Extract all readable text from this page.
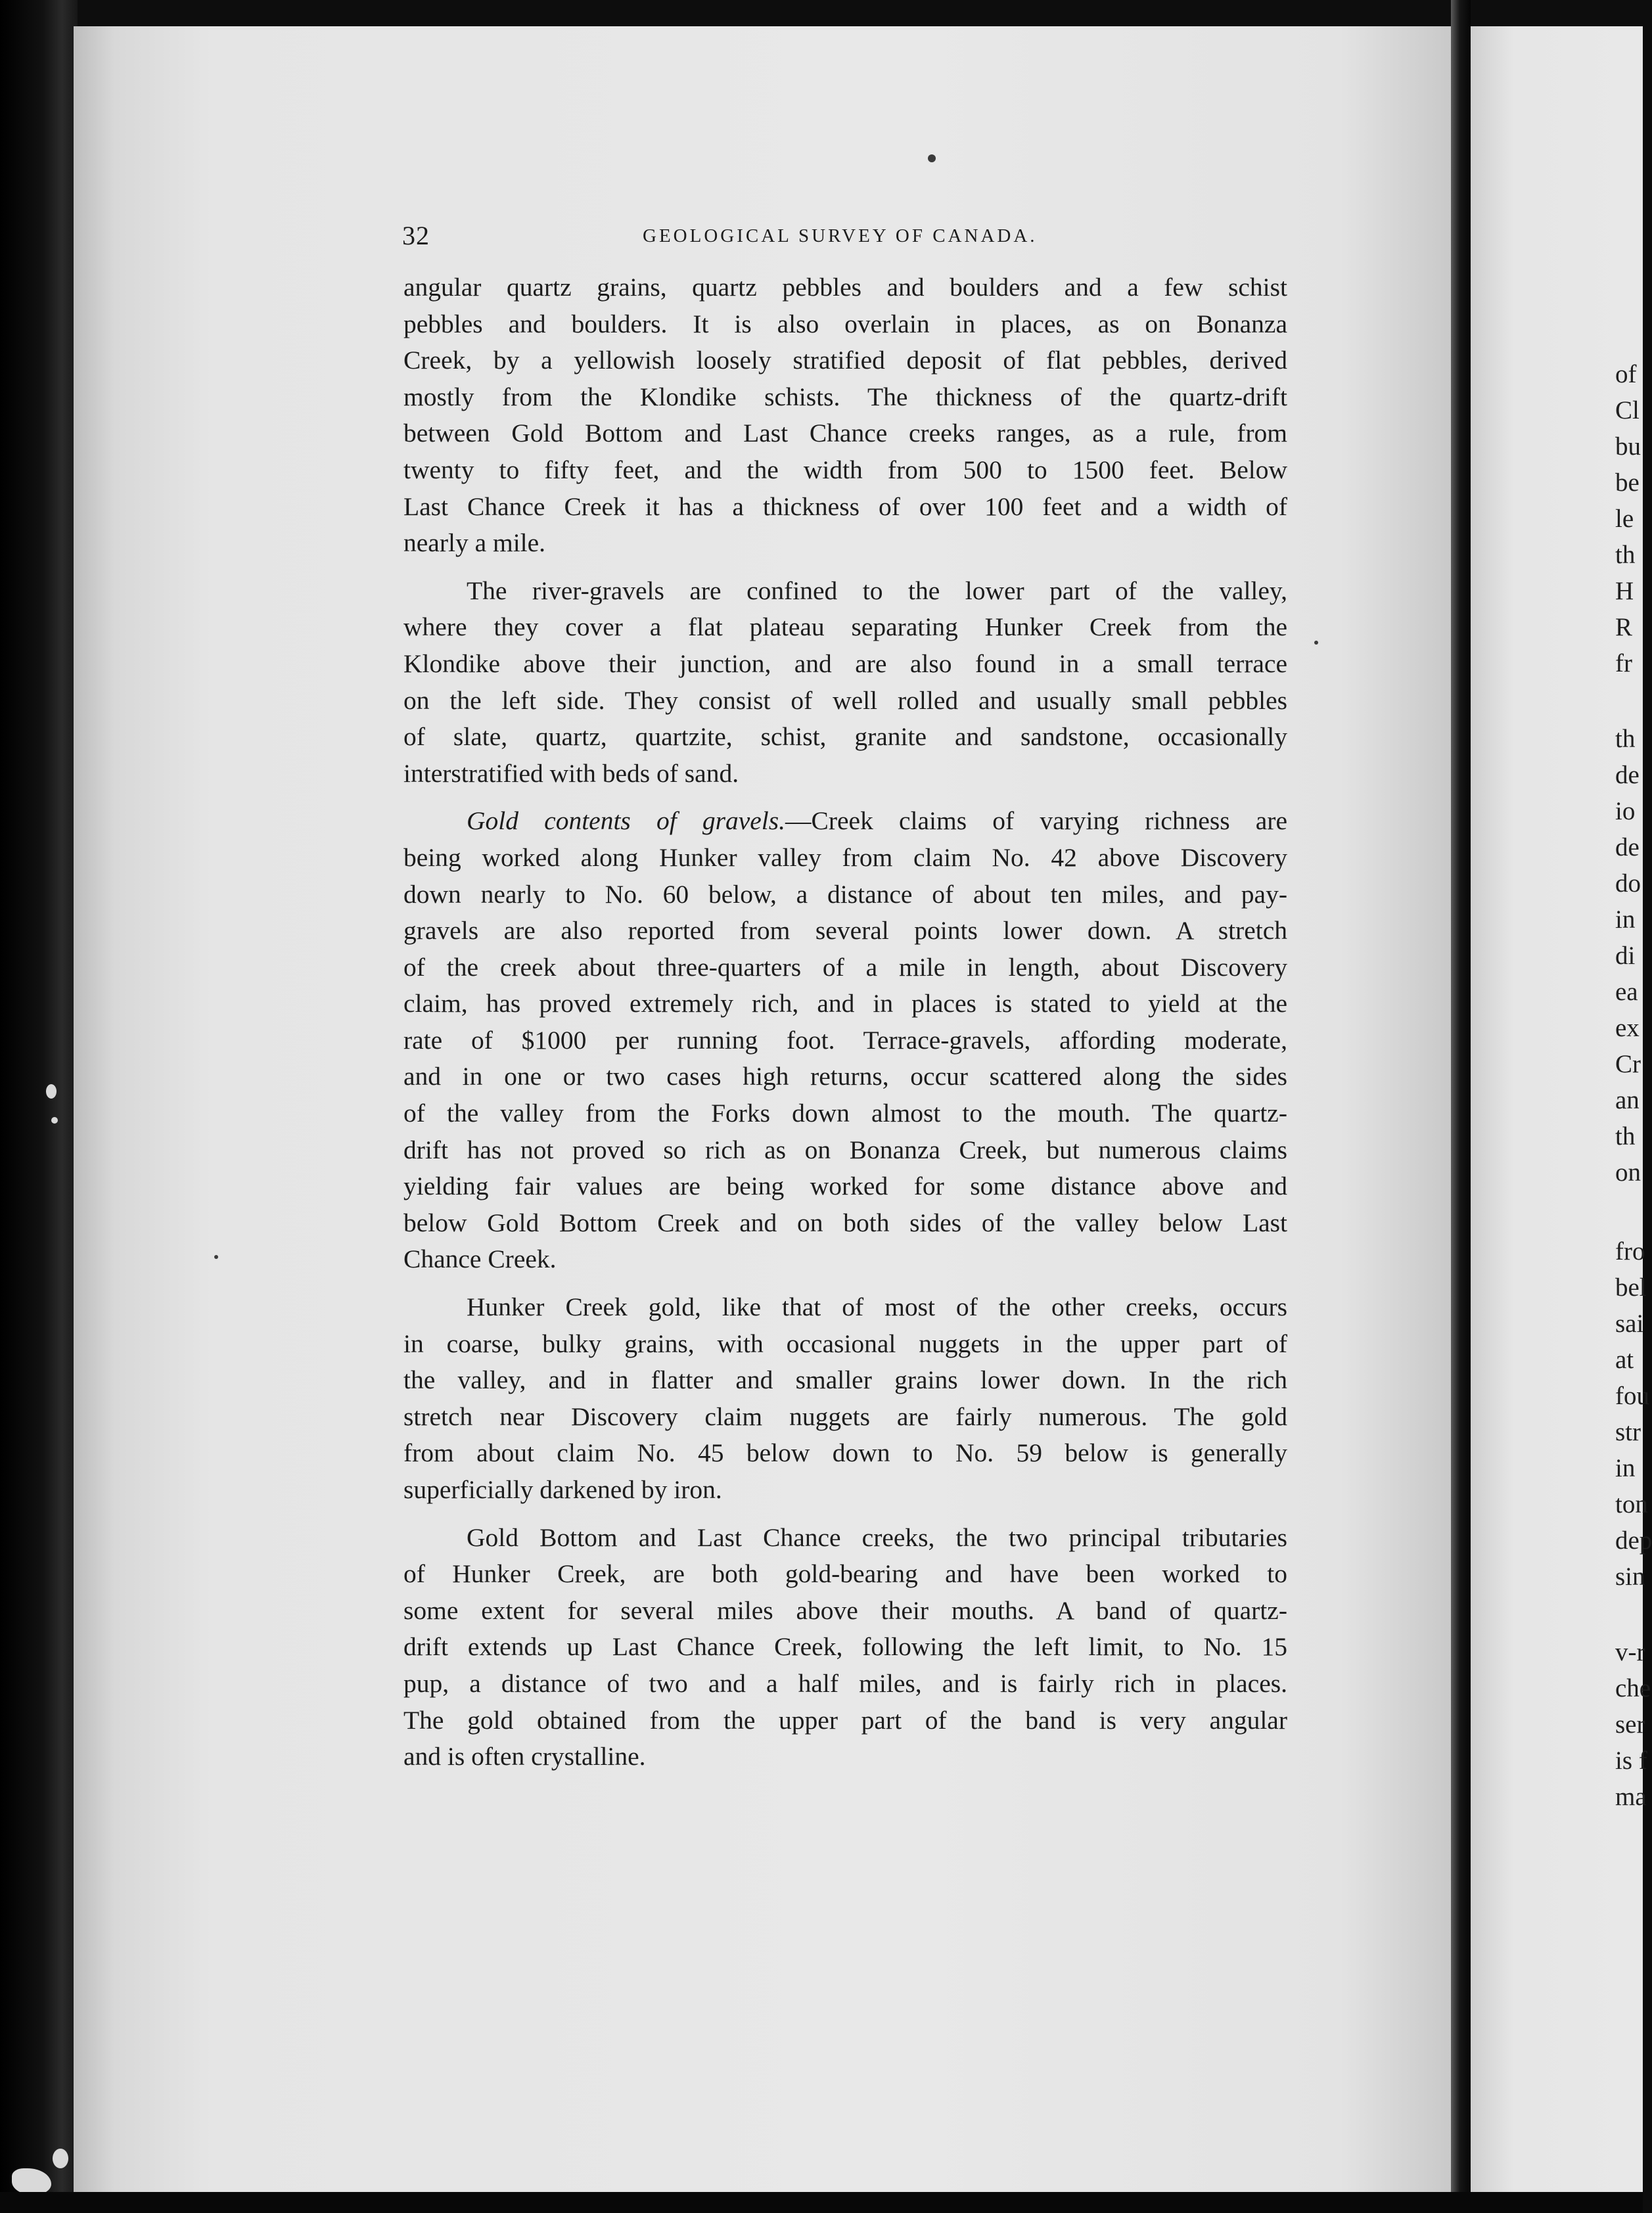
32	GEOLOGICAL SURVEY OF CANADA.
angular quartz grains, quartz pebbles and boulders and a few schist
pebbles and boulders. It is also overlain in places, as on Bonanza
Creek, by a yellowish loosely stratified deposit of flat pebbles, derived
mostly from the Klondike schists. The thickness of the quartz-drift
between Gold Bottom and Last Chance creeks ranges, as a rule, from
twenty to fifty feet, and the width from 500 to 1500 feet. Below
Last Chance Creek it has a thickness of over 100 feet and a width of
nearly a mile.
The river-gravels are confined to the lower part of the valley,
where they cover a flat plateau separating Hunker Creek from the
Klondike above their junction, and are also found in a small terrace
on the left side. They consist of well rolled and usually small pebbles
of slate, quartz, quartzite, schist, granite and sandstone, occasionally
interstratified with beds of sand.
Gold contents of gravels.—Creek claims of varying richness are
being worked along Hunker valley from claim No. 42 above Discovery
down nearly to No. 60 below, a distance of about ten miles, and pay-
gravels are also reported from several points lower down. A stretch
of the creek about three-quarters of a mile in length, about Discovery
claim, has proved extremely rich, and in places is stated to yield at the
rate of $1000 per running foot. Terrace-gravels, affording moderate,
and in one or two cases high returns, occur scattered along the sides
of the valley from the Forks down almost to the mouth. The quartz-
drift has not proved so rich as on Bonanza Creek, but numerous claims
yielding fair values are being worked for some distance above and
below Gold Bottom Creek and on both sides of the valley below Last
Chance Creek.
Hunker Creek gold, like that of most of the other creeks, occurs
in coarse, bulky grains, with occasional nuggets in the upper part of
the valley, and in flatter and smaller grains lower down. In the rich
stretch near Discovery claim nuggets are fairly numerous. The gold
from about claim No. 45 below down to No. 59 below is generally
superficially darkened by iron.
Gold Bottom and Last Chance creeks, the two principal tributaries
of Hunker Creek, are both gold-bearing and have been worked to
some extent for several miles above their mouths. A band of quartz-
drift extends up Last Chance Creek, following the left limit, to No. 15
pup, a distance of two and a half miles, and is fairly rich in places.
The gold obtained from the upper part of the band is very angular
and is often crystalline.
of
Cl
bu
be
le
th
H
R
fr
th
de
io
de
do
in
di
ea
ex
Cr
an
th
on
fro
bel
sai
at
fou
str
in
ton
dep
sin
v-r
che
ser
is f
ma
